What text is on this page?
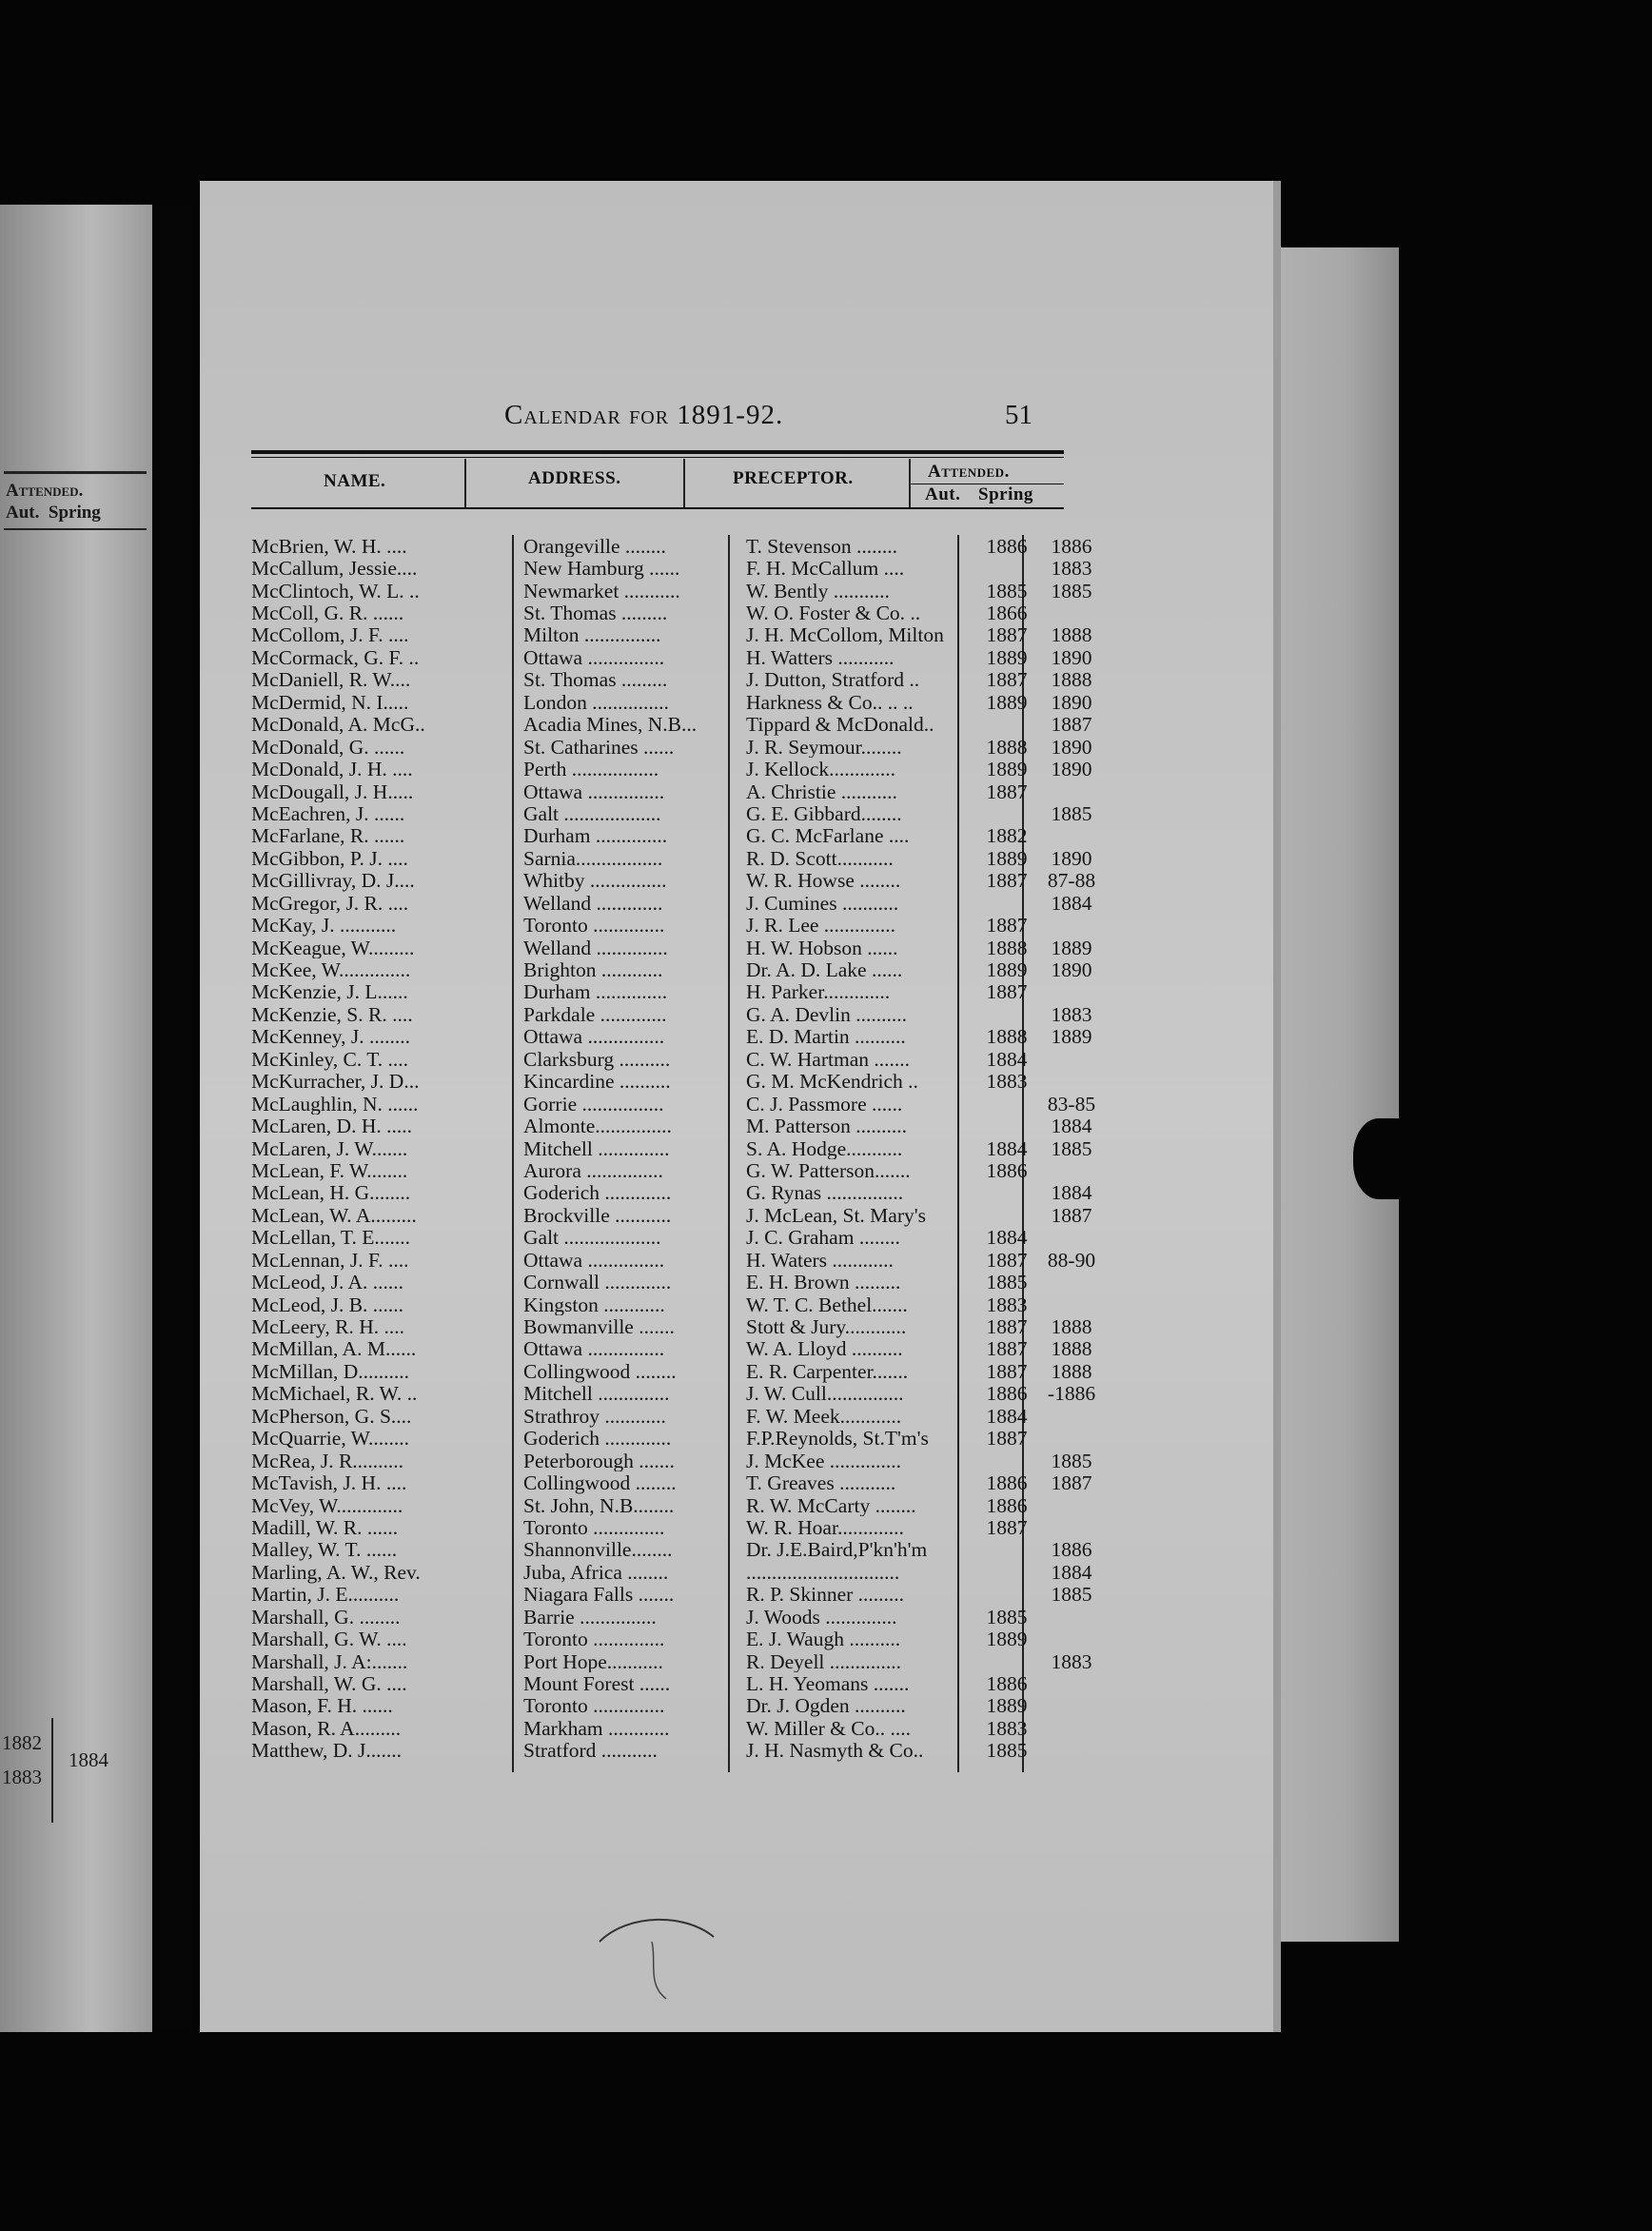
Attended.
Aut. Spring
1882
1884
1883
Calendar for 1891-92.	51
NAME.	ADDRESS.	PRECEPTOR.	Attended.
Aut. Spring
McBrien, W. H. ....	Orangeville ........	T. Stevenson ........	1886	1886
McCallum, Jessie....	New Hamburg ......	F. H. McCallum ....		1883
McClintoch, W. L. ..	Newmarket ...........	W. Bently ...........	1885	1885
McColl, G. R. ......	St. Thomas .........	W. O. Foster & Co. ..	1866	
McCollom, J. F. ....	Milton ...............	J. H. McCollom, Milton	1887	1888
McCormack, G. F. ..	Ottawa ...............	H. Watters ...........	1889	1890
McDaniell, R. W....	St. Thomas .........	J. Dutton, Stratford ..	1887	1888
McDermid, N. I.....	London ...............	Harkness & Co.. .. ..	1889	1890
McDonald, A. McG..	Acadia Mines, N.B...	Tippard & McDonald..		1887
McDonald, G. ......	St. Catharines ......	J. R. Seymour........	1888	1890
McDonald, J. H. ....	Perth .................	J. Kellock.............	1889	1890
McDougall, J. H.....	Ottawa ...............	A. Christie ...........	1887	
McEachren, J. ......	Galt ...................	G. E. Gibbard........		1885
McFarlane, R. ......	Durham ..............	G. C. McFarlane ....	1882	
McGibbon, P. J. ....	Sarnia.................	R. D. Scott...........	1889	1890
McGillivray, D. J....	Whitby ...............	W. R. Howse ........	1887	87-88
McGregor, J. R. ....	Welland .............	J. Cumines ...........		1884
McKay, J. ...........	Toronto ..............	J. R. Lee ..............	1887	
McKeague, W.........	Welland ..............	H. W. Hobson ......	1888	1889
McKee, W..............	Brighton ............	Dr. A. D. Lake ......	1889	1890
McKenzie, J. L......	Durham ..............	H. Parker.............	1887	
McKenzie, S. R. ....	Parkdale .............	G. A. Devlin ..........		1883
McKenney, J. ........	Ottawa ...............	E. D. Martin ..........	1888	1889
McKinley, C. T. ....	Clarksburg ..........	C. W. Hartman .......	1884	
McKurracher, J. D...	Kincardine ..........	G. M. McKendrich ..	1883	
McLaughlin, N. ......	Gorrie ................	C. J. Passmore ......		83-85
McLaren, D. H. .....	Almonte...............	M. Patterson ..........		1884
McLaren, J. W.......	Mitchell ..............	S. A. Hodge...........	1884	1885
McLean, F. W........	Aurora ...............	G. W. Patterson.......	1886	
McLean, H. G........	Goderich .............	G. Rynas ...............		1884
McLean, W. A.........	Brockville ...........	J. McLean, St. Mary's		1887
McLellan, T. E.......	Galt ...................	J. C. Graham ........	1884	
McLennan, J. F. ....	Ottawa ...............	H. Waters ............	1887	88-90
McLeod, J. A. ......	Cornwall .............	E. H. Brown .........	1885	
McLeod, J. B. ......	Kingston ............	W. T. C. Bethel.......	1883	
McLeery, R. H. ....	Bowmanville .......	Stott & Jury............	1887	1888
McMillan, A. M......	Ottawa ...............	W. A. Lloyd ..........	1887	1888
McMillan, D..........	Collingwood ........	E. R. Carpenter.......	1887	1888
McMichael, R. W. ..	Mitchell ..............	J. W. Cull...............	1886	-1886
McPherson, G. S....	Strathroy ............	F. W. Meek............	1884	
McQuarrie, W........	Goderich .............	F.P.Reynolds, St.T'm's	1887	
McRea, J. R..........	Peterborough .......	J. McKee ..............		1885
McTavish, J. H. ....	Collingwood ........	T. Greaves ...........	1886	1887
McVey, W.............	St. John, N.B........	R. W. McCarty ........	1886	
Madill, W. R. ......	Toronto ..............	W. R. Hoar.............	1887	
Malley, W. T. ......	Shannonville........	Dr. J.E.Baird,P'kn'h'm		1886
Marling, A. W., Rev.	Juba, Africa ........	..............................		1884
Martin, J. E..........	Niagara Falls .......	R. P. Skinner .........		1885
Marshall, G. ........	Barrie ...............	J. Woods ..............	1885	
Marshall, G. W. ....	Toronto ..............	E. J. Waugh ..........	1889	
Marshall, J. A:.......	Port Hope...........	R. Deyell ..............		1883
Marshall, W. G. ....	Mount Forest ......	L. H. Yeomans .......	1886	
Mason, F. H. ......	Toronto ..............	Dr. J. Ogden ..........	1889	
Mason, R. A.........	Markham ............	W. Miller & Co.. ....	1883	
Matthew, D. J.......	Stratford ...........	J. H. Nasmyth & Co..	1885	
